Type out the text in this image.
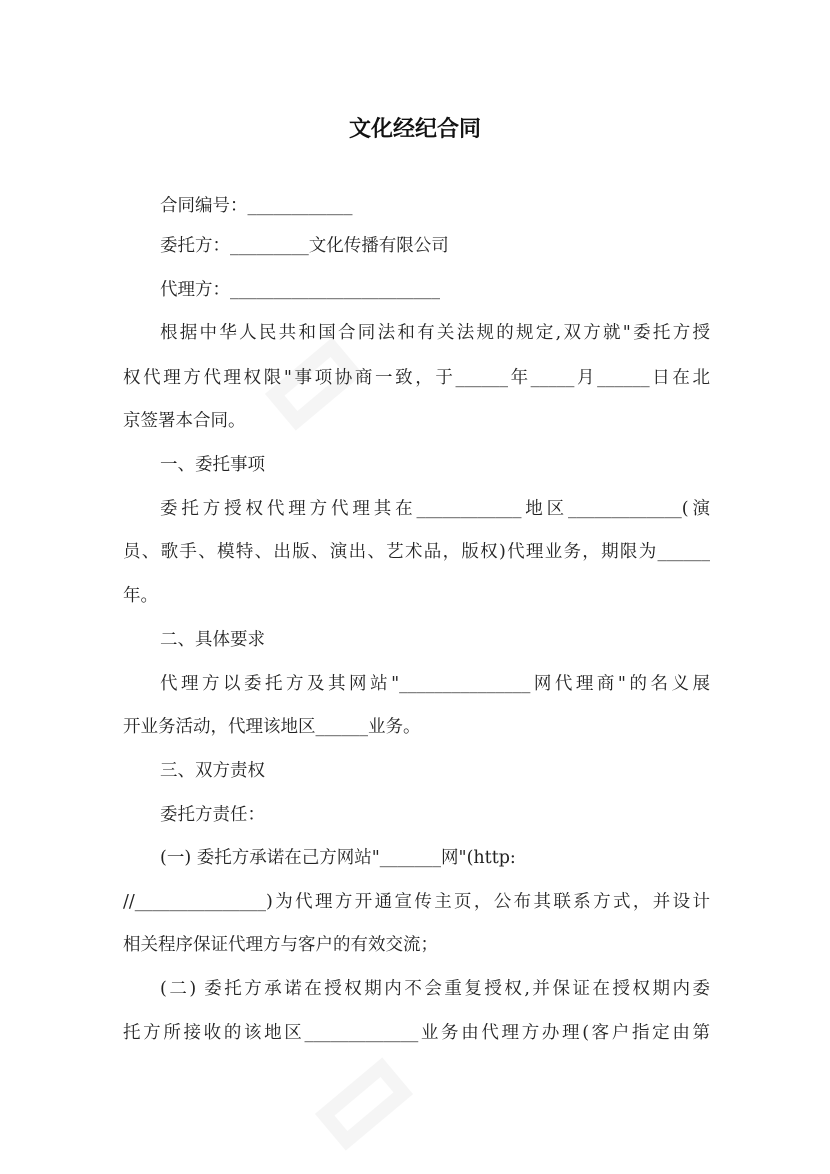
文化经纪合同
合同编号：____________
委托方：_________文化传播有限公司
代理方：________________________
根据中华人民共和国合同法和有关法规的规定,双方就"委托方授
权代理方代理权限"事项协商一致，于______年_____月______日在北
京签署本合同。
一、委托事项
委托方授权代理方代理其在____________地区_____________(演
员、歌手、模特、出版、演出、艺术品，版权)代理业务，期限为______
年。
二、具体要求
代理方以委托方及其网站"_______________网代理商"的名义展
开业务活动，代理该地区______业务。
三、双方责权
委托方责任：
(一) 委托方承诺在己方网站"_______网"(http:
//_______________)为代理方开通宣传主页，公布其联系方式，并设计
相关程序保证代理方与客户的有效交流；
(二) 委托方承诺在授权期内不会重复授权,并保证在授权期内委
托方所接收的该地区_____________业务由代理方办理(客户指定由第
